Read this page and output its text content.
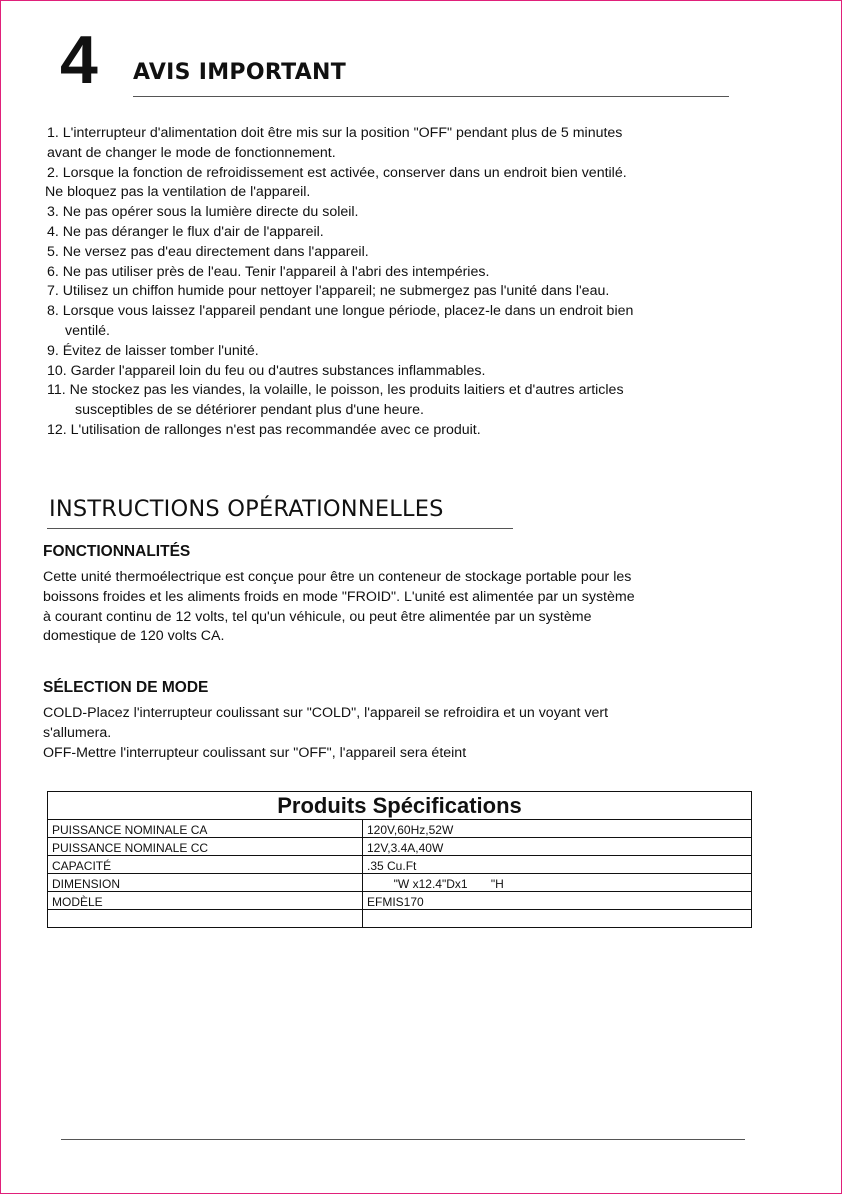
4 AVIS IMPORTANT
1. L'interrupteur d'alimentation doit être mis sur la position "OFF" pendant plus de 5 minutes
avant de changer le mode de fonctionnement.
2. Lorsque la fonction de refroidissement est activée, conserver dans un endroit bien ventilé.
Ne bloquez pas la ventilation de l'appareil.
3. Ne pas opérer sous la lumière directe du soleil.
4. Ne pas déranger le flux d'air de l'appareil.
5. Ne versez pas d'eau directement dans l'appareil.
6. Ne pas utiliser près de l'eau. Tenir l'appareil à l'abri des intempéries.
7. Utilisez un chiffon humide pour nettoyer l'appareil; ne submergez pas l'unité dans l'eau.
8. Lorsque vous laissez l'appareil pendant une longue période, placez-le dans un endroit bien
ventilé.
9. Évitez de laisser tomber l'unité.
10. Garder l'appareil loin du feu ou d'autres substances inflammables.
11. Ne stockez pas les viandes, la volaille, le poisson, les produits laitiers et d'autres articles
susceptibles de se détériorer pendant plus d'une heure.
12. L'utilisation de rallonges n'est pas recommandée avec ce produit.
INSTRUCTIONS OPÉRATIONNELLES
FONCTIONNALITÉS
Cette unité thermoélectrique est conçue pour être un conteneur de stockage portable pour les
boissons froides et les aliments froids en mode "FROID". L'unité est alimentée par un système
à courant continu de 12 volts, tel qu'un véhicule, ou peut être alimentée par un système
domestique de 120 volts CA.
SÉLECTION DE MODE
COLD-Placez l'interrupteur coulissant sur "COLD", l'appareil se refroidira et un voyant vert
s'allumera.
OFF-Mettre l'interrupteur coulissant sur "OFF", l'appareil sera éteint
Produits Spécifications	
PUISSANCE NOMINALE CA	120V,60Hz,52W
PUISSANCE NOMINALE CC	12V,3.4A,40W
CAPACITÉ	.35 Cu.Ft
DIMENSION	"W x12.4"Dx1       "H
MODÈLE	EFMIS170
